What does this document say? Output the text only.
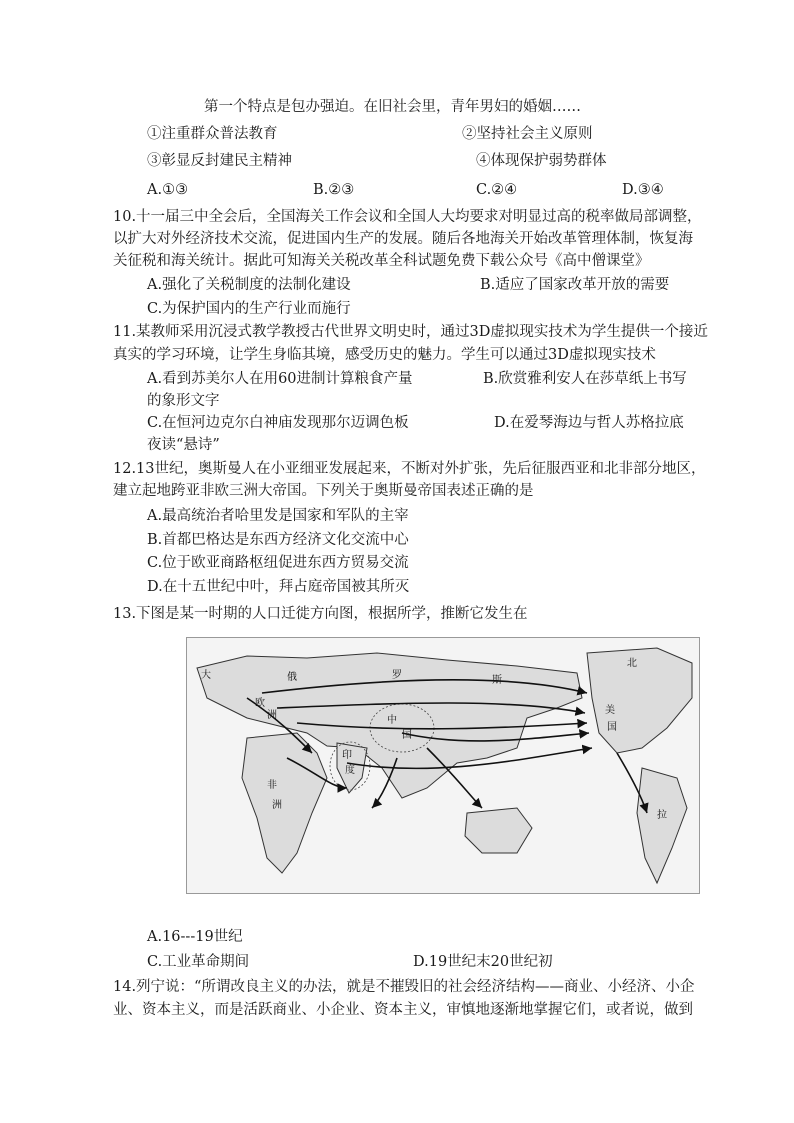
第一个特点是包办强迫。在旧社会里，青年男妇的婚姻……
①注重群众普法教育	②坚持社会主义原则
③彰显反封建民主精神	④体现保护弱势群体
A.①③	B.②③	C.②④	D.③④
10.十一届三中全会后，全国海关工作会议和全国人大均要求对明显过高的税率做局部调整，
以扩大对外经济技术交流，促进国内生产的发展。随后各地海关开始改革管理体制，恢复海
关征税和海关统计。据此可知海关关税改革全科试题免费下载公众号《高中僧课堂》
A.强化了关税制度的法制化建设	B.适应了国家改革开放的需要
C.为保护国内的生产行业而施行
11.某教师采用沉浸式教学教授古代世界文明史时，通过3D虚拟现实技术为学生提供一个接近
真实的学习环境，让学生身临其境，感受历史的魅力。学生可以通过3D虚拟现实技术
A.看到苏美尔人在用60进制计算粮食产量	B.欣赏雅利安人在莎草纸上书写
的象形文字
C.在恒河边克尔白神庙发现那尔迈调色板	D.在爱琴海边与哲人苏格拉底
夜读“悬诗”
12.13世纪，奥斯曼人在小亚细亚发展起来，不断对外扩张，先后征服西亚和北非部分地区，
建立起地跨亚非欧三洲大帝国。下列关于奥斯曼帝国表述正确的是
A.最高统治者哈里发是国家和军队的主宰
B.首都巴格达是东西方经济文化交流中心
C.位于欧亚商路枢纽促进东西方贸易交流
D.在十五世纪中叶，拜占庭帝国被其所灭
13.下图是某一时期的人口迁徙方向图，根据所学，推断它发生在
大	俄	罗	斯
北
中
国
美
国
印
度
欧
洲
非
洲
拉
A.16---19世纪
C.工业革命期间	D.19世纪末20世纪初
14.列宁说：“所谓改良主义的办法，就是不摧毁旧的社会经济结构——商业、小经济、小企
业、资本主义，而是活跃商业、小企业、资本主义，审慎地逐渐地掌握它们，或者说，做到
